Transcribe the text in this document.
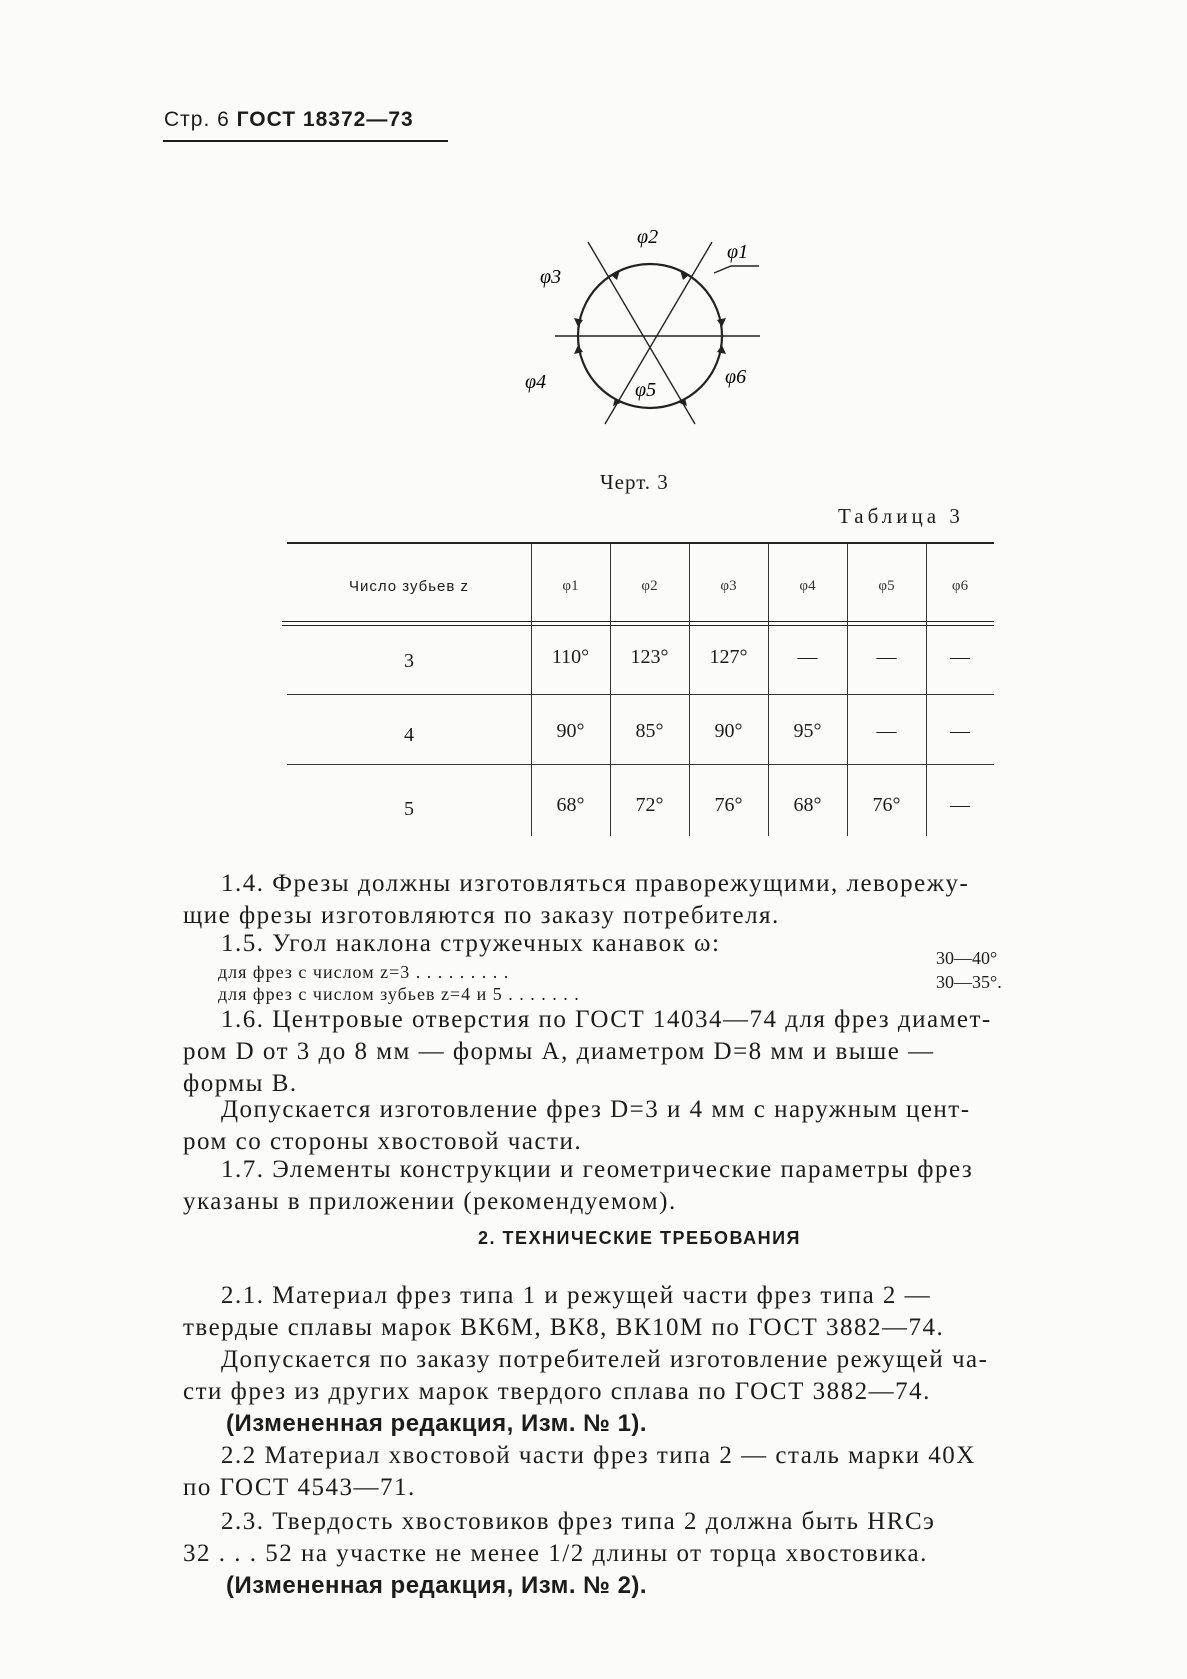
Стр. 6 ГОСТ 18372—73
φ2
φ1
φ3
φ4	φ5
φ6
Черт. 3
Таблица 3
Число зубьев z	φ1	φ2	φ3	φ4	φ5	φ6
3	110°	123°	127°	—	—	—
4	90°	85°	90°	95°	—	—
5	68°	72°	76°	68°	76°	—
1.4. Фрезы должны изготовляться праворежущими, леворежу-
щие фрезы изготовляются по заказу потребителя.
1.5. Угол наклона стружечных канавок ω:
для фрез с числом z=3 . . . . . . . . .
30—40°
для фрез с числом зубьев z=4 и 5 . . . . . . .
30—35°.
1.6. Центровые отверстия по ГОСТ 14034—74 для фрез диамет-
ром D от 3 до 8 мм — формы A, диаметром D=8 мм и выше —
формы B.
Допускается изготовление фрез D=3 и 4 мм с наружным цент-
ром со стороны хвостовой части.
1.7. Элементы конструкции и геометрические параметры фрез
указаны в приложении (рекомендуемом).
2. ТЕХНИЧЕСКИЕ ТРЕБОВАНИЯ
2.1. Материал фрез типа 1 и режущей части фрез типа 2 —
твердые сплавы марок ВК6М, ВК8, ВК10М по ГОСТ 3882—74.
Допускается по заказу потребителей изготовление режущей ча-
сти фрез из других марок твердого сплава по ГОСТ 3882—74.
(Измененная редакция, Изм. № 1).
2.2 Материал хвостовой части фрез типа 2 — сталь марки 40Х
по ГОСТ 4543—71.
2.3. Твердость хвостовиков фрез типа 2 должна быть HRCэ
32 . . . 52 на участке не менее 1/2 длины от торца хвостовика.
(Измененная редакция, Изм. № 2).
